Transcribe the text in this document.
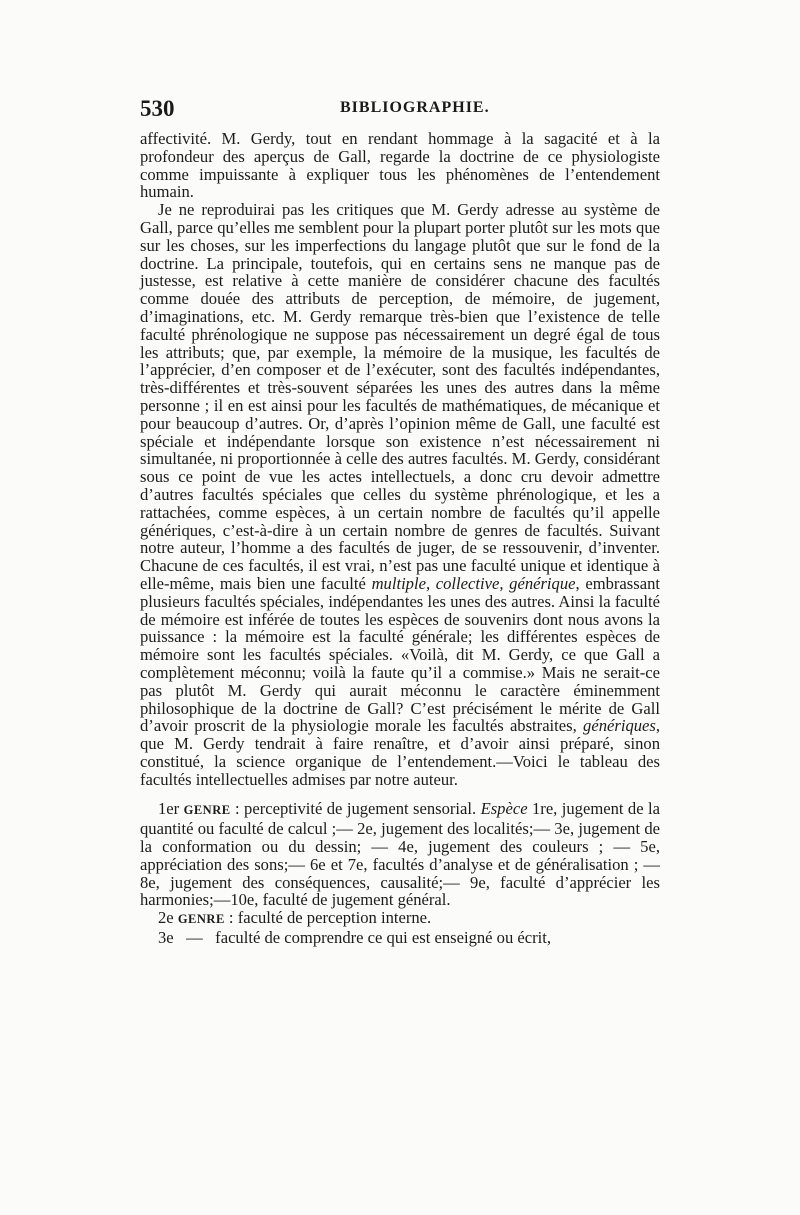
530	BIBLIOGRAPHIE.

affectivité. M. Gerdy, tout en rendant hommage à la sagacité et à la profondeur des aperçus de Gall, regarde la doctrine de ce physiologiste comme impuissante à expliquer tous les phénomènes de l’entendement humain.

Je ne reproduirai pas les critiques que M. Gerdy adresse au système de Gall, parce qu’elles me semblent pour la plupart porter plutôt sur les mots que sur les choses, sur les imperfections du langage plutôt que sur le fond de la doctrine. La principale, toutefois, qui en certains sens ne manque pas de justesse, est relative à cette manière de considérer chacune des facultés comme douée des attributs de perception, de mémoire, de jugement, d’imaginations, etc. M. Gerdy remarque très-bien que l’existence de telle faculté phrénologique ne suppose pas nécessairement un degré égal de tous les attributs; que, par exemple, la mémoire de la musique, les facultés de l’apprécier, d’en composer et de l’exécuter, sont des facultés indépendantes, très-différentes et très-souvent séparées les unes des autres dans la même personne ; il en est ainsi pour les facultés de mathématiques, de mécanique et pour beaucoup d’autres. Or, d’après l’opinion même de Gall, une faculté est spéciale et indépendante lorsque son existence n’est nécessairement ni simultanée, ni proportionnée à celle des autres facultés. M. Gerdy, considérant sous ce point de vue les actes intellectuels, a donc cru devoir admettre d’autres facultés spéciales que celles du système phrénologique, et les a rattachées, comme espèces, à un certain nombre de facultés qu’il appelle génériques, c’est-à-dire à un certain nombre de genres de facultés. Suivant notre auteur, l’homme a des facultés de juger, de se ressouvenir, d’inventer. Chacune de ces facultés, il est vrai, n’est pas une faculté unique et identique à elle-même, mais bien une faculté multiple, collective, générique, embrassant plusieurs facultés spéciales, indépendantes les unes des autres. Ainsi la faculté de mémoire est inférée de toutes les espèces de souvenirs dont nous avons la puissance : la mémoire est la faculté générale; les différentes espèces de mémoire sont les facultés spéciales. «Voilà, dit M. Gerdy, ce que Gall a complètement méconnu; voilà la faute qu’il a commise.» Mais ne serait-ce pas plutôt M. Gerdy qui aurait méconnu le caractère éminemment philosophique de la doctrine de Gall? C’est précisément le mérite de Gall d’avoir proscrit de la physiologie morale les facultés abstraites, génériques, que M. Gerdy tendrait à faire renaître, et d’avoir ainsi préparé, sinon constitué, la science organique de l’entendement.—Voici le tableau des facultés intellectuelles admises par notre auteur.

1er GENRE : perceptivité de jugement sensorial. Espèce 1re, jugement de la quantité ou faculté de calcul ;— 2e, jugement des localités;— 3e, jugement de la conformation ou du dessin; — 4e, jugement des couleurs ; — 5e, appréciation des sons;— 6e et 7e, facultés d’analyse et de généralisation ; — 8e, jugement des conséquences, causalité;— 9e, faculté d’apprécier les harmonies;—10e, faculté de jugement général.

2e GENRE : faculté de perception interne.

3e — faculté de comprendre ce qui est enseigné ou écrit,
